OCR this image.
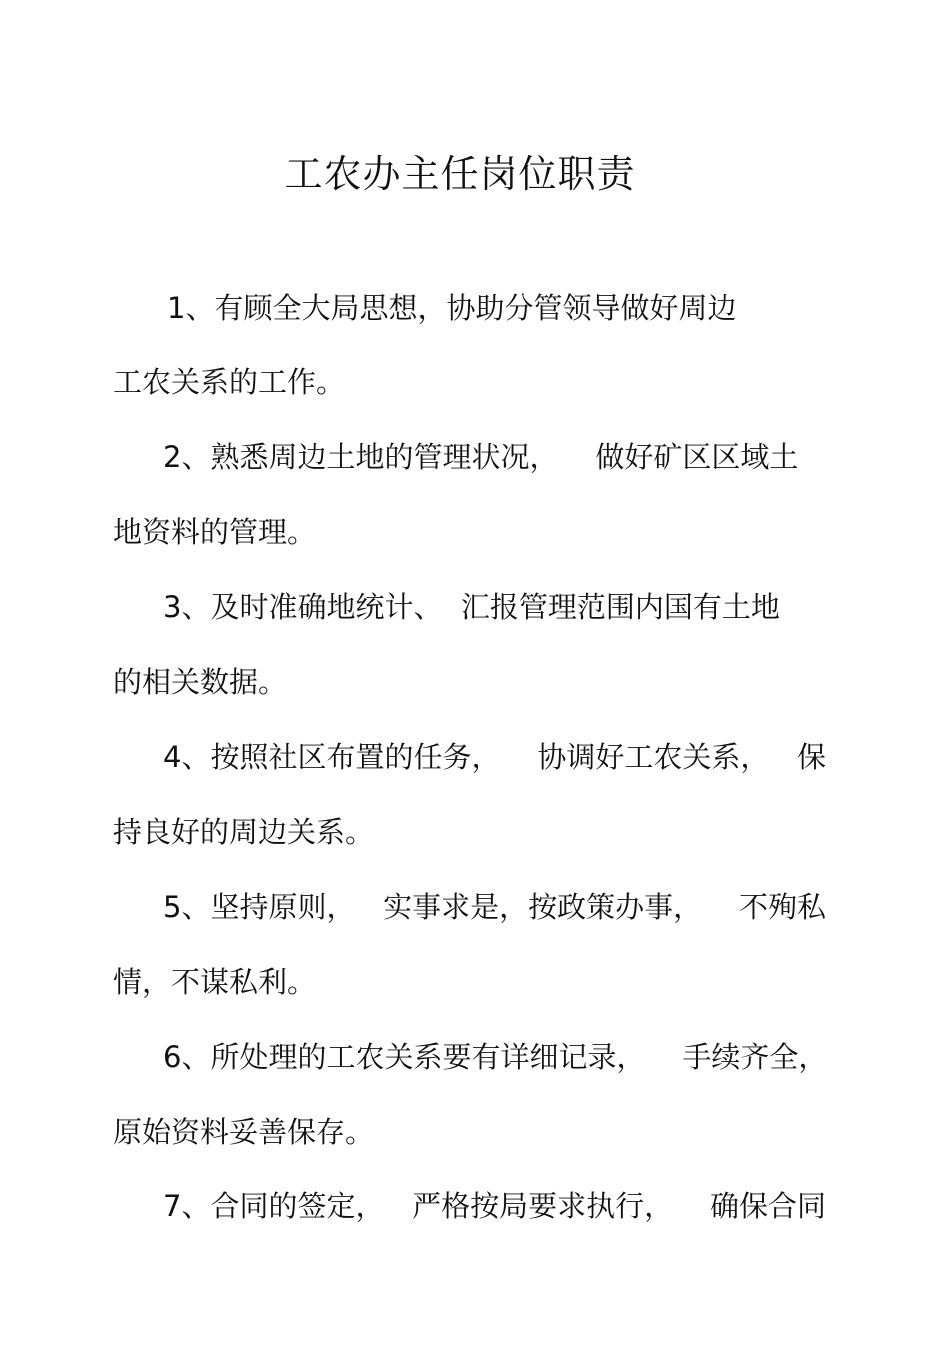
工农办主任岗位职责
1、有顾全大局思想，协助分管领导做好周边
工农关系的工作。
2、熟悉周边土地的管理状况，    做好矿区区域土
地资料的管理。
3、及时准确地统计、  汇报管理范围内国有土地
的相关数据。
4、按照社区布置的任务，    协调好工农关系，   保
持良好的周边关系。
5、坚持原则，   实事求是，按政策办事，    不殉私
情，不谋私利。
6、所处理的工农关系要有详细记录，    手续齐全，
原始资料妥善保存。
7、合同的签定，   严格按局要求执行，    确保合同
